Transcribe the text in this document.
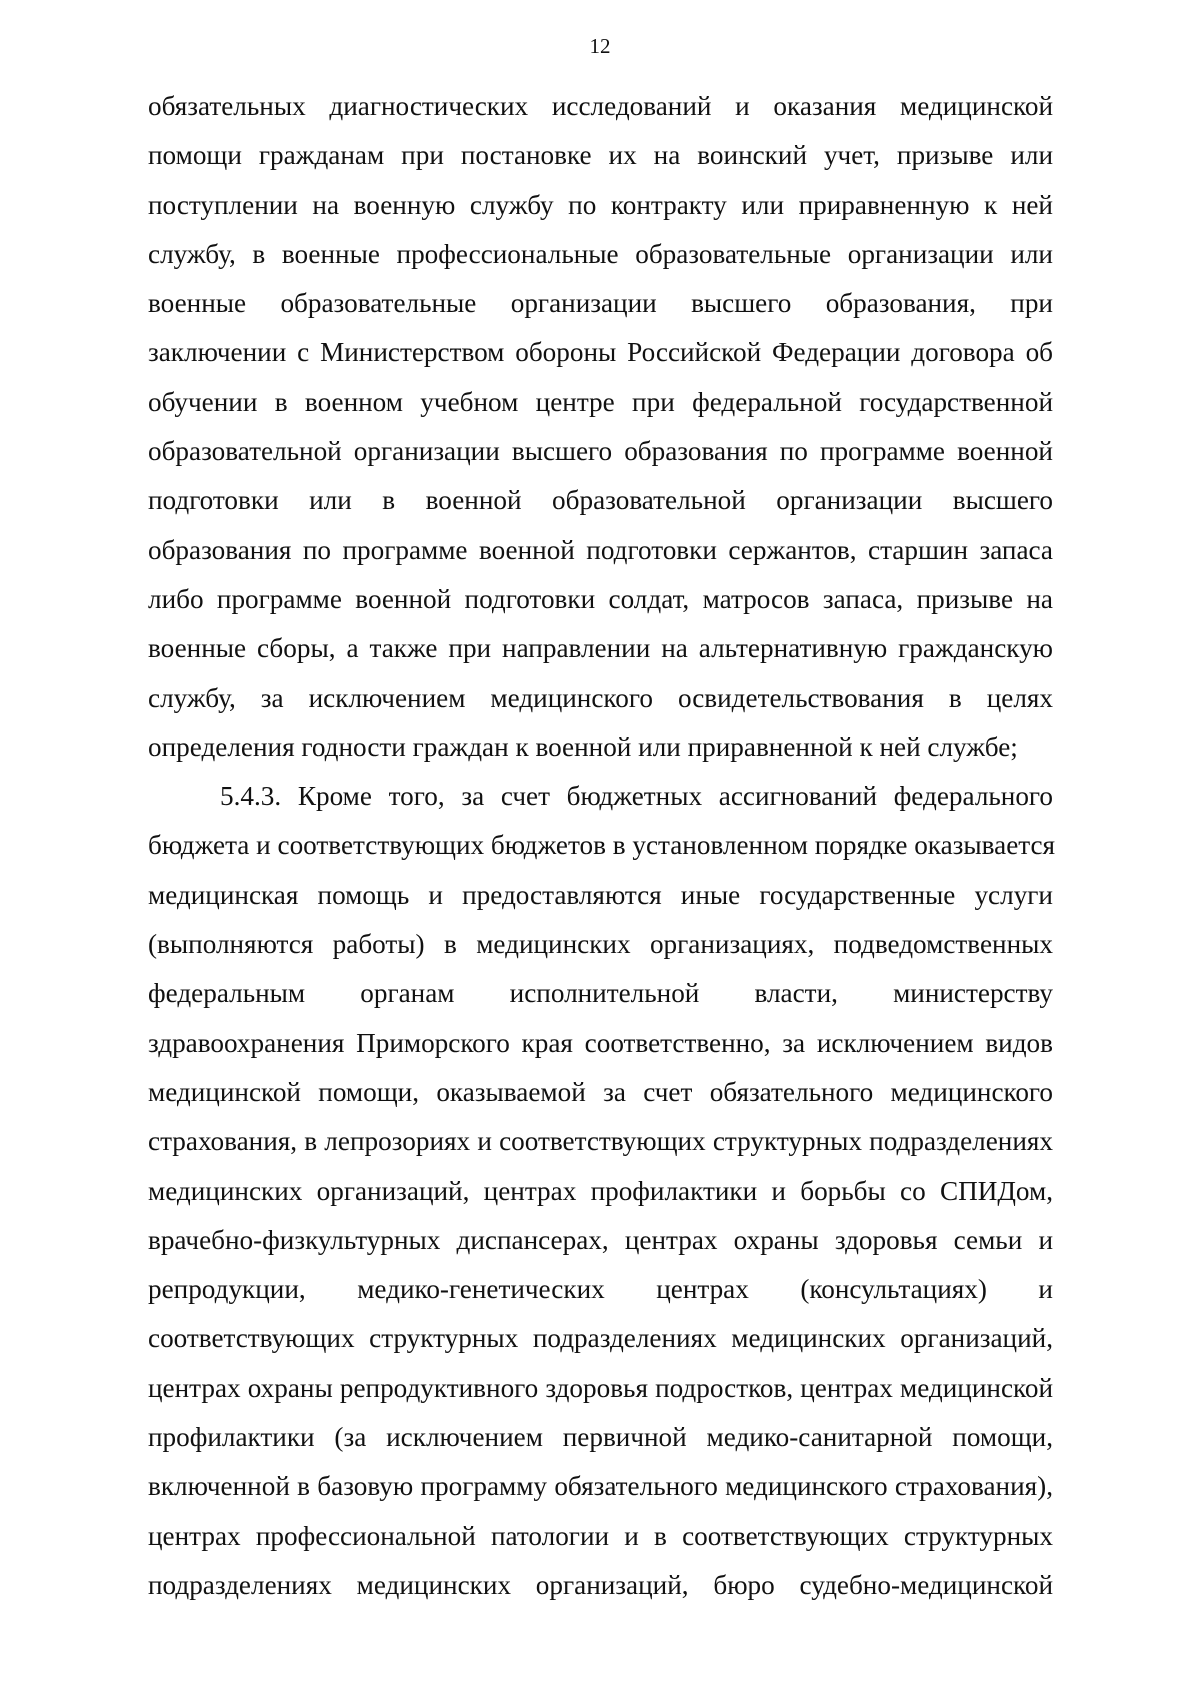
12
обязательных диагностических исследований и оказания медицинской
помощи гражданам при постановке их на воинский учет, призыве или
поступлении на военную службу по контракту или приравненную к ней
службу, в военные профессиональные образовательные организации или
военные образовательные организации высшего образования, при
заключении с Министерством обороны Российской Федерации договора об
обучении в военном учебном центре при федеральной государственной
образовательной организации высшего образования по программе военной
подготовки или в военной образовательной организации высшего
образования по программе военной подготовки сержантов, старшин запаса
либо программе военной подготовки солдат, матросов запаса, призыве на
военные сборы, а также при направлении на альтернативную гражданскую
службу, за исключением медицинского освидетельствования в целях
определения годности граждан к военной или приравненной к ней службе;
5.4.3. Кроме того, за счет бюджетных ассигнований федерального
бюджета и соответствующих бюджетов в установленном порядке оказывается
медицинская помощь и предоставляются иные государственные услуги
(выполняются работы) в медицинских организациях, подведомственных
федеральным органам исполнительной власти, министерству
здравоохранения Приморского края соответственно, за исключением видов
медицинской помощи, оказываемой за счет обязательного медицинского
страхования, в лепрозориях и соответствующих структурных подразделениях
медицинских организаций, центрах профилактики и борьбы со СПИДом,
врачебно-физкультурных диспансерах, центрах охраны здоровья семьи и
репродукции, медико-генетических центрах (консультациях) и
соответствующих структурных подразделениях медицинских организаций,
центрах охраны репродуктивного здоровья подростков, центрах медицинской
профилактики (за исключением первичной медико-санитарной помощи,
включенной в базовую программу обязательного медицинского страхования),
центрах профессиональной патологии и в соответствующих структурных
подразделениях медицинских организаций, бюро судебно-медицинской
